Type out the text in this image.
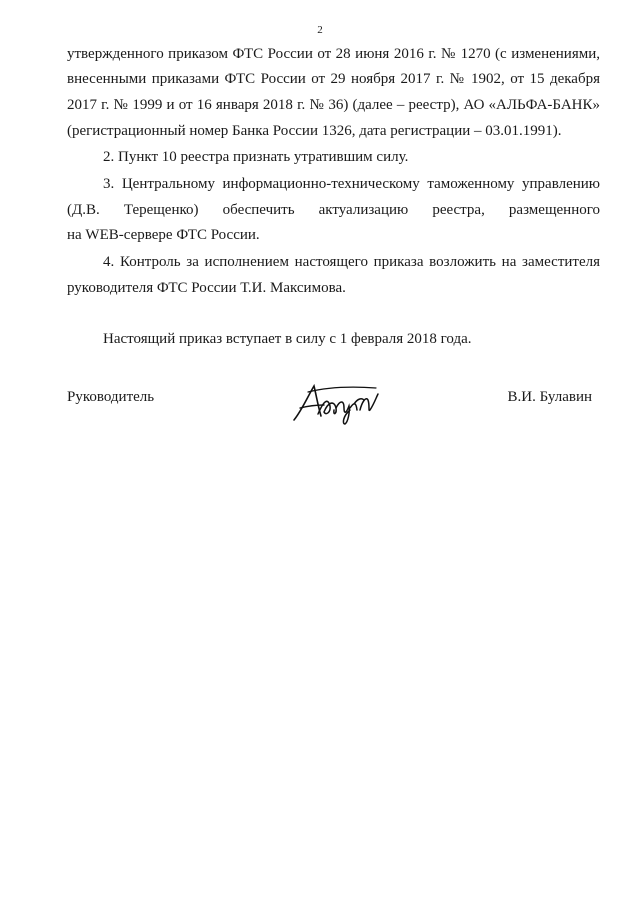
2
утвержденного приказом ФТС России от 28 июня 2016 г. № 1270 (с изменениями,
внесенными приказами ФТС России от 29 ноября 2017 г. № 1902, от 15 декабря
2017 г. № 1999 и от 16 января 2018 г. № 36) (далее – реестр), АО «АЛЬФА-БАНК»
(регистрационный номер Банка России 1326, дата регистрации – 03.01.1991).
2. Пункт 10 реестра признать утратившим силу.
3. Центральному информационно-техническому таможенному управлению
(Д.В. Терещенко) обеспечить актуализацию реестра, размещенного
на WEB-сервере ФТС России.
4. Контроль за исполнением настоящего приказа возложить на заместителя
руководителя ФТС России Т.И. Максимова.
Настоящий приказ вступает в силу с 1 февраля 2018 года.
Руководитель	В.И. Булавин
